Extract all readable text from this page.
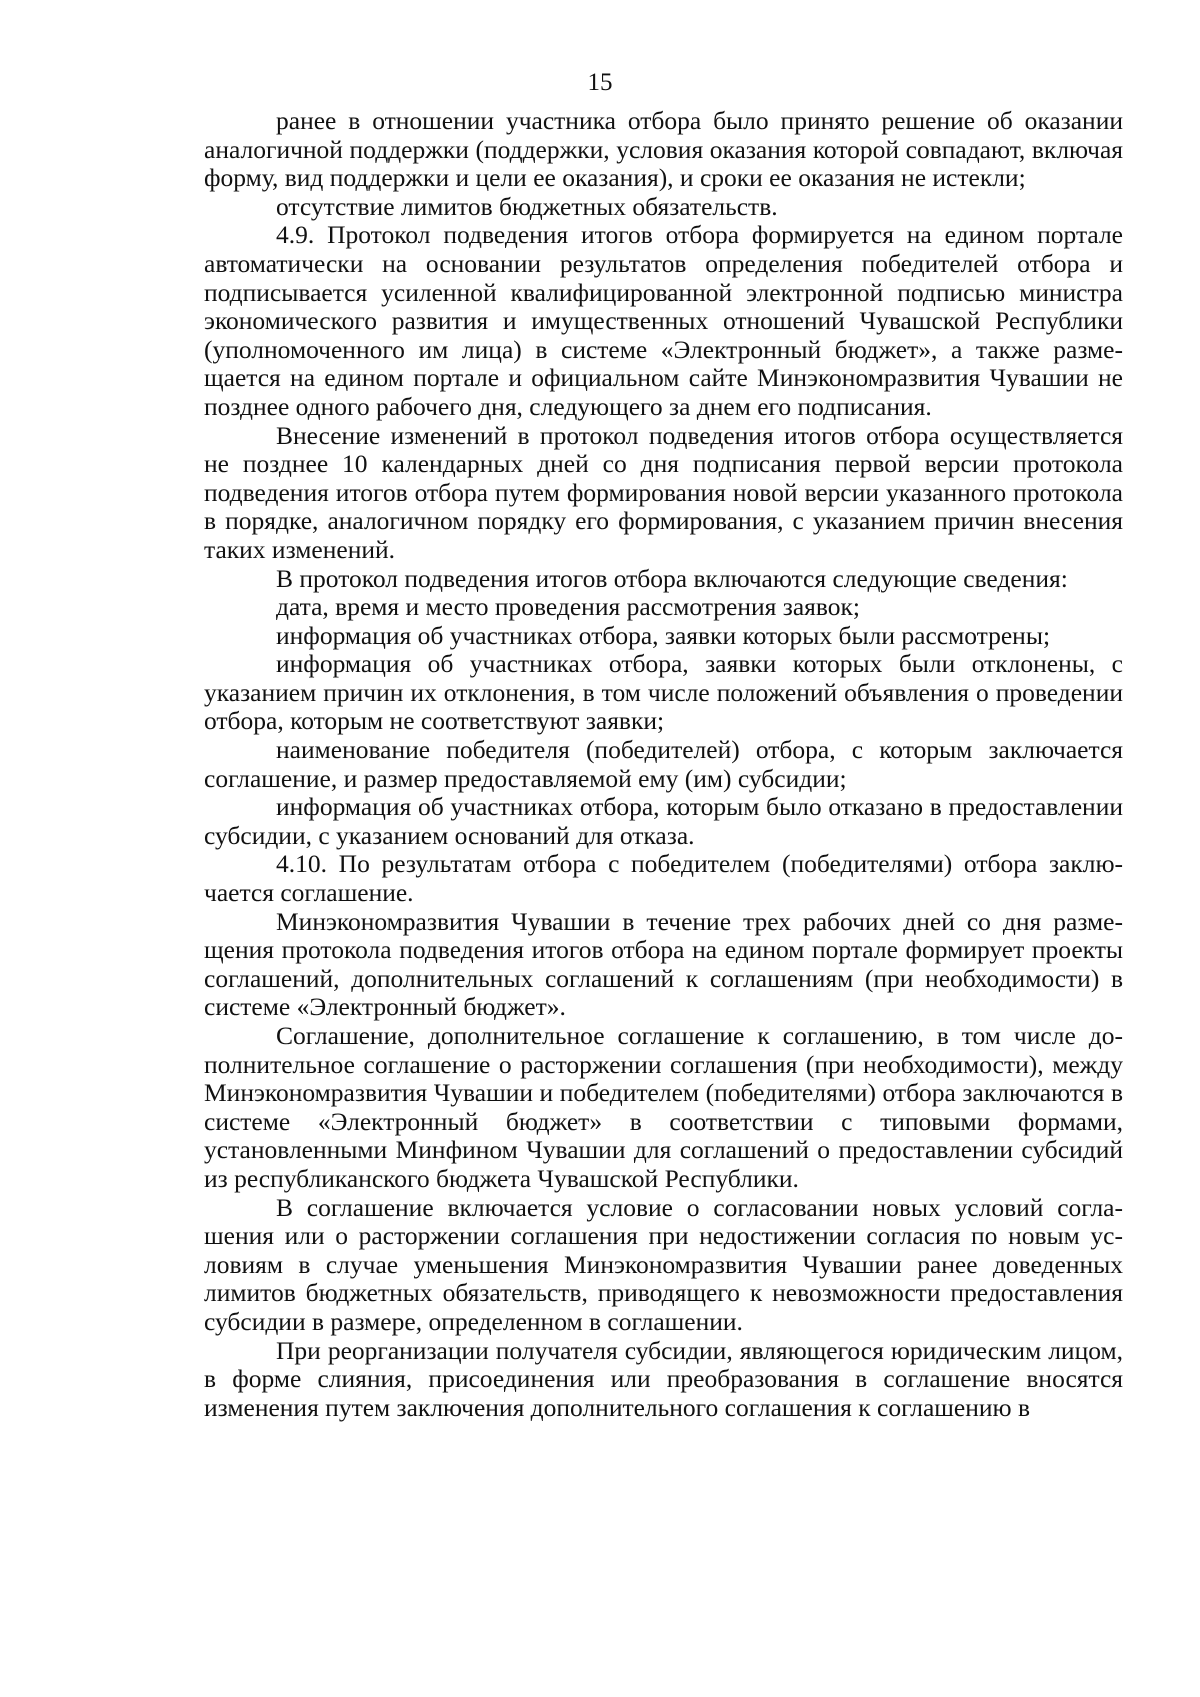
15

ранее в отношении участника отбора было принято решение об оказании аналогичной поддержки (поддержки, условия оказания которой совпадают, включая форму, вид поддержки и цели ее оказания), и сроки ее оказания не истекли;

отсутствие лимитов бюджетных обязательств.

4.9. Протокол подведения итогов отбора формируется на едином портале автоматически на основании результатов определения победителей отбора и подписывается усиленной квалифицированной электронной подписью министра экономического развития и имущественных отношений Чувашской Республики (уполномоченного им лица) в системе «Электронный бюджет», а также размещается на едином портале и официальном сайте Минэкономразвития Чувашии не позднее одного рабочего дня, следующего за днем его подписания.

Внесение изменений в протокол подведения итогов отбора осуществляется не позднее 10 календарных дней со дня подписания первой версии протокола подведения итогов отбора путем формирования новой версии указанного протокола в порядке, аналогичном порядку его формирования, с указанием причин внесения таких изменений.

В протокол подведения итогов отбора включаются следующие сведения:

дата, время и место проведения рассмотрения заявок;

информация об участниках отбора, заявки которых были рассмотрены;

информация об участниках отбора, заявки которых были отклонены, с указанием причин их отклонения, в том числе положений объявления о проведении отбора, которым не соответствуют заявки;

наименование победителя (победителей) отбора, с которым заключается соглашение, и размер предоставляемой ему (им) субсидии;

информация об участниках отбора, которым было отказано в предоставлении субсидии, с указанием оснований для отказа.

4.10. По результатам отбора с победителем (победителями) отбора заключается соглашение.

Минэкономразвития Чувашии в течение трех рабочих дней со дня размещения протокола подведения итогов отбора на едином портале формирует проекты соглашений, дополнительных соглашений к соглашениям (при необходимости) в системе «Электронный бюджет».

Соглашение, дополнительное соглашение к соглашению, в том числе дополнительное соглашение о расторжении соглашения (при необходимости), между Минэкономразвития Чувашии и победителем (победителями) отбора заключаются в системе «Электронный бюджет» в соответствии с типовыми формами, установленными Минфином Чувашии для соглашений о предоставлении субсидий из республиканского бюджета Чувашской Республики.

В соглашение включается условие о согласовании новых условий соглашения или о расторжении соглашения при недостижении согласия по новым условиям в случае уменьшения Минэкономразвития Чувашии ранее доведенных лимитов бюджетных обязательств, приводящего к невозможности предоставления субсидии в размере, определенном в соглашении.

При реорганизации получателя субсидии, являющегося юридическим лицом, в форме слияния, присоединения или преобразования в соглашение вносятся изменения путем заключения дополнительного соглашения к соглашению в
